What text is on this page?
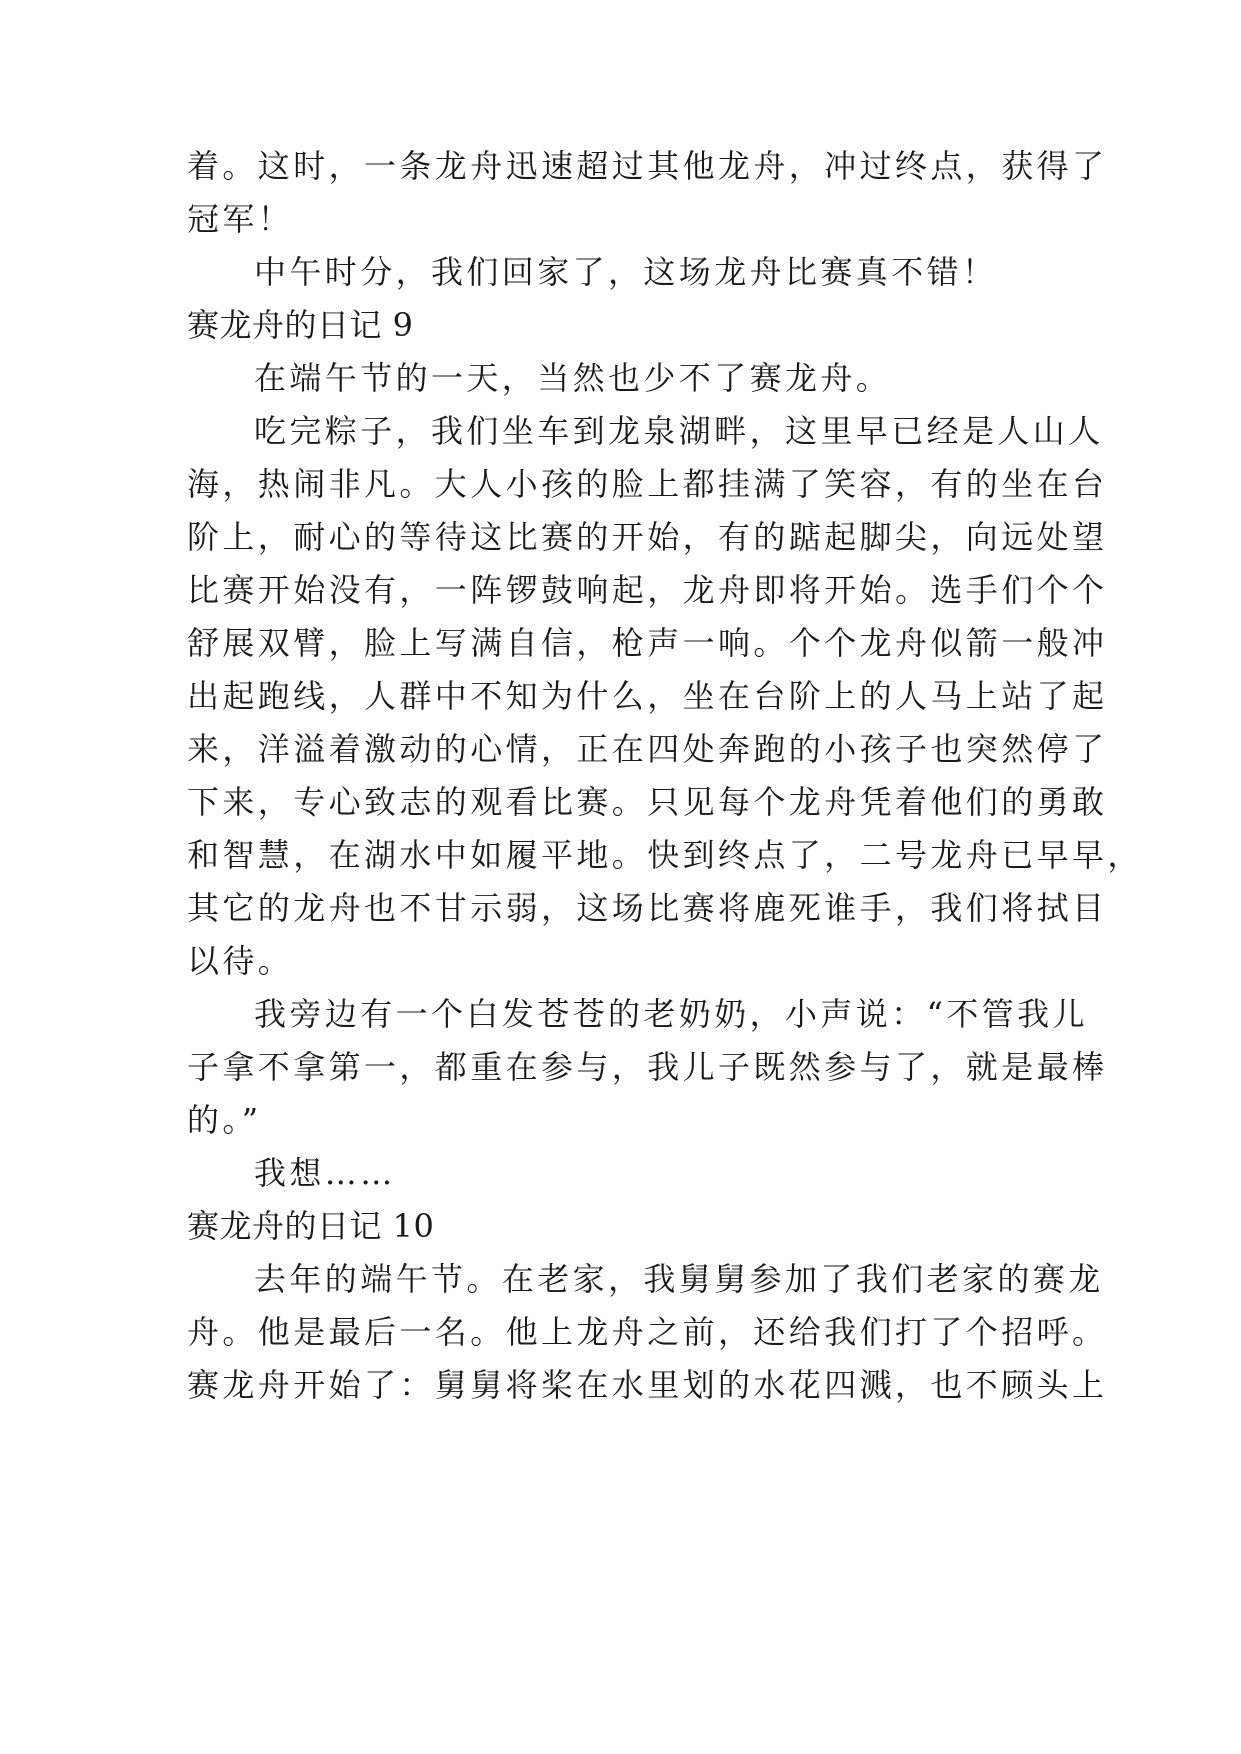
着。这时，一条龙舟迅速超过其他龙舟，冲过终点，获得了
冠军！
中午时分，我们回家了，这场龙舟比赛真不错！
赛龙舟的日记 9
在端午节的一天，当然也少不了赛龙舟。
吃完粽子，我们坐车到龙泉湖畔，这里早已经是人山人
海，热闹非凡。大人小孩的脸上都挂满了笑容，有的坐在台
阶上，耐心的等待这比赛的开始，有的踮起脚尖，向远处望
比赛开始没有，一阵锣鼓响起，龙舟即将开始。选手们个个
舒展双臂，脸上写满自信，枪声一响。个个龙舟似箭一般冲
出起跑线，人群中不知为什么，坐在台阶上的人马上站了起
来，洋溢着激动的心情，正在四处奔跑的小孩子也突然停了
下来，专心致志的观看比赛。只见每个龙舟凭着他们的勇敢
和智慧，在湖水中如履平地。快到终点了，二号龙舟已早早，
其它的龙舟也不甘示弱，这场比赛将鹿死谁手，我们将拭目
以待。
我旁边有一个白发苍苍的老奶奶，小声说：“不管我儿
子拿不拿第一，都重在参与，我儿子既然参与了，就是最棒
的。”
我想……
赛龙舟的日记 10
去年的端午节。在老家，我舅舅参加了我们老家的赛龙
舟。他是最后一名。他上龙舟之前，还给我们打了个招呼。
赛龙舟开始了：舅舅将桨在水里划的水花四溅，也不顾头上
